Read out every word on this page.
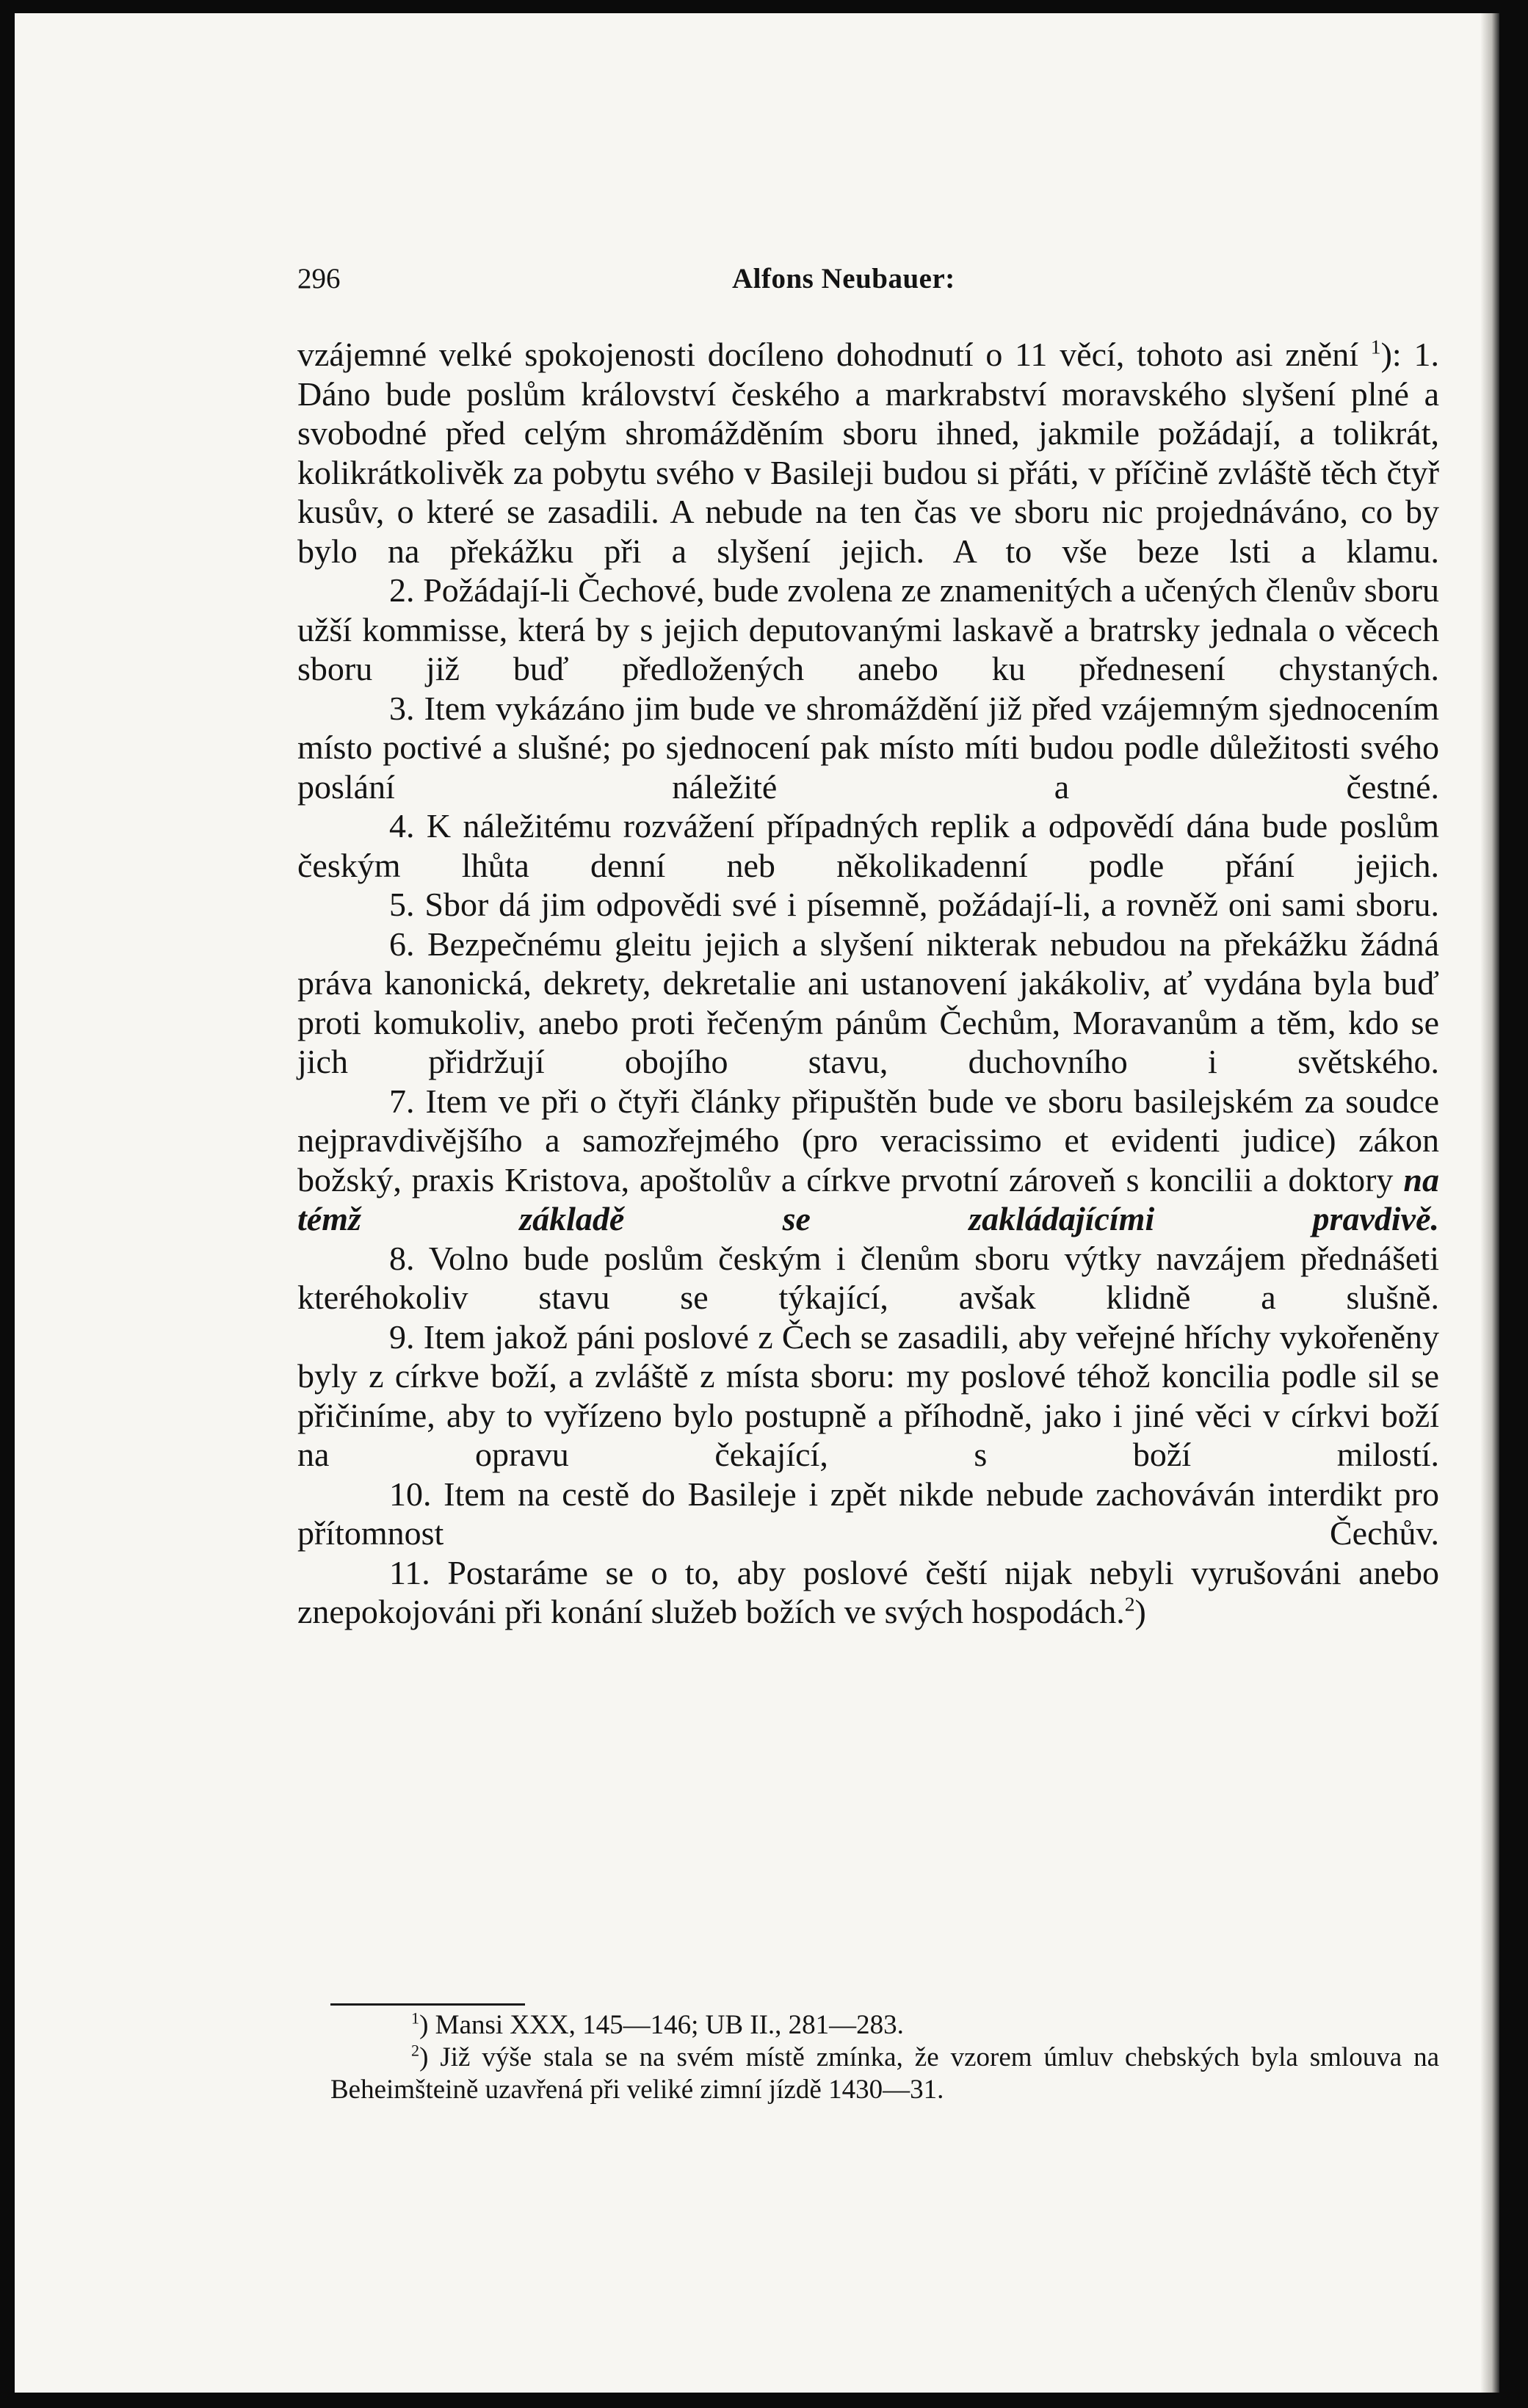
296	Alfons Neubauer:

vzájemné velké spokojenosti docíleno dohodnutí o 11 věcí, tohoto asi znění $^1$): 1. Dáno bude poslům království českého a markrabství moravského slyšení plné a svobodné před celým shromážděním sboru ihned, jakmile požádají, a tolikrát, kolikrátkolivěk za pobytu svého v Basileji budou si přáti, v příčině zvláště těch čtyř kusův, o které se zasadili. A nebude na ten čas ve sboru nic projednáváno, co by bylo na překážku při a slyšení jejich. A to vše beze lsti a klamu.

2. Požádají-li Čechové, bude zvolena ze znamenitých a učených členův sboru užší kommisse, která by s jejich deputovanými laskavě a bratrsky jednala o věcech sboru již buď předložených anebo ku přednesení chystaných.

3. Item vykázáno jim bude ve shromáždění již před vzájemným sjednocením místo poctivé a slušné; po sjednocení pak místo míti budou podle důležitosti svého poslání náležité a čestné.

4. K náležitému rozvážení případných replik a odpovědí dána bude poslům českým lhůta denní neb několikadenní podle přání jejich.

5. Sbor dá jim odpovědi své i písemně, požádají-li, a rovněž oni sami sboru.

6. Bezpečnému gleitu jejich a slyšení nikterak nebudou na překážku žádná práva kanonická, dekrety, dekretalie ani ustanovení jakákoliv, ať vydána byla buď proti komukoliv, anebo proti řečeným pánům Čechům, Moravanům a těm, kdo se jich přidržují obojího stavu, duchovního i světského.

7. Item ve při o čtyři články připuštěn bude ve sboru basilejském za soudce nejpravdivějšího a samozřejmého (pro veracissimo et evidenti judice) zákon božský, praxis Kristova, apoštolův a církve prvotní zároveň s koncilii a doktory na témž základě se zakládajícími pravdivě.

8. Volno bude poslům českým i členům sboru výtky navzájem přednášeti kteréhokoliv stavu se týkající, avšak klidně a slušně.

9. Item jakož páni poslové z Čech se zasadili, aby veřejné hříchy vykořeněny byly z církve boží, a zvláště z místa sboru: my poslové téhož koncilia podle sil se přičiníme, aby to vyřízeno bylo postupně a příhodně, jako i jiné věci v církvi boží na opravu čekající, s boží milostí.

10. Item na cestě do Basileje i zpět nikde nebude zachováván interdikt pro přítomnost Čechův.

11. Postaráme se o to, aby poslové čeští nijak nebyli vyrušováni anebo znepokojováni při konání služeb božích ve svých hospodách.$^2$)

$^1$) Mansi XXX, 145—146; UB II., 281—283.

$^2$) Již výše stala se na svém místě zmínka, že vzorem úmluv chebských byla smlouva na Beheimšteině uzavřená při veliké zimní jízdě 1430—31.
